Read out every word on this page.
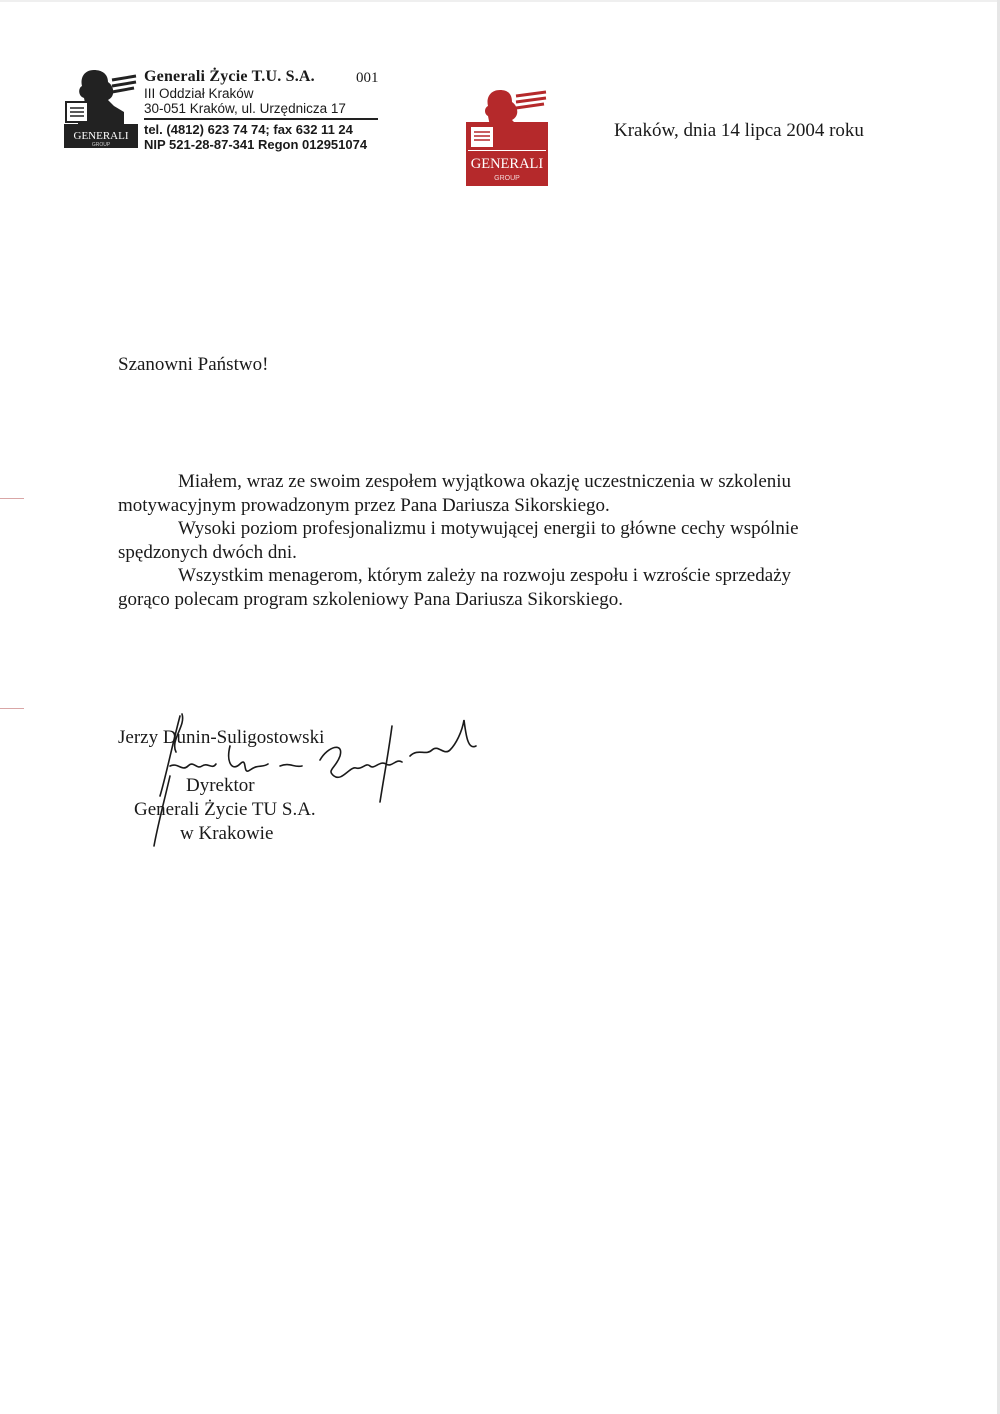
GENERALI
GROUP
Generali Życie T.U. S.A.
III Oddział Kraków
30-051 Kraków, ul. Urzędnicza 17
001
tel. (4812) 623 74 74; fax 632 11 24
NIP 521-28-87-341 Regon 012951074
GENERALI
GROUP
Kraków, dnia 14 lipca 2004 roku
Szanowni Państwo!

Miałem, wraz ze swoim zespołem wyjątkowa okazję uczestniczenia w szkoleniu

motywacyjnym prowadzonym przez Pana Dariusza Sikorskiego.

Wysoki poziom profesjonalizmu i motywującej energii to główne cechy wspólnie

spędzonych dwóch dni.

Wszystkim menagerom, którym zależy na rozwoju zespołu i wzroście sprzedaży

gorąco polecam program szkoleniowy Pana Dariusza Sikorskiego.

Jerzy Dunin-Suligostowski
Dyrektor
Generali Życie TU S.A.
w Krakowie
